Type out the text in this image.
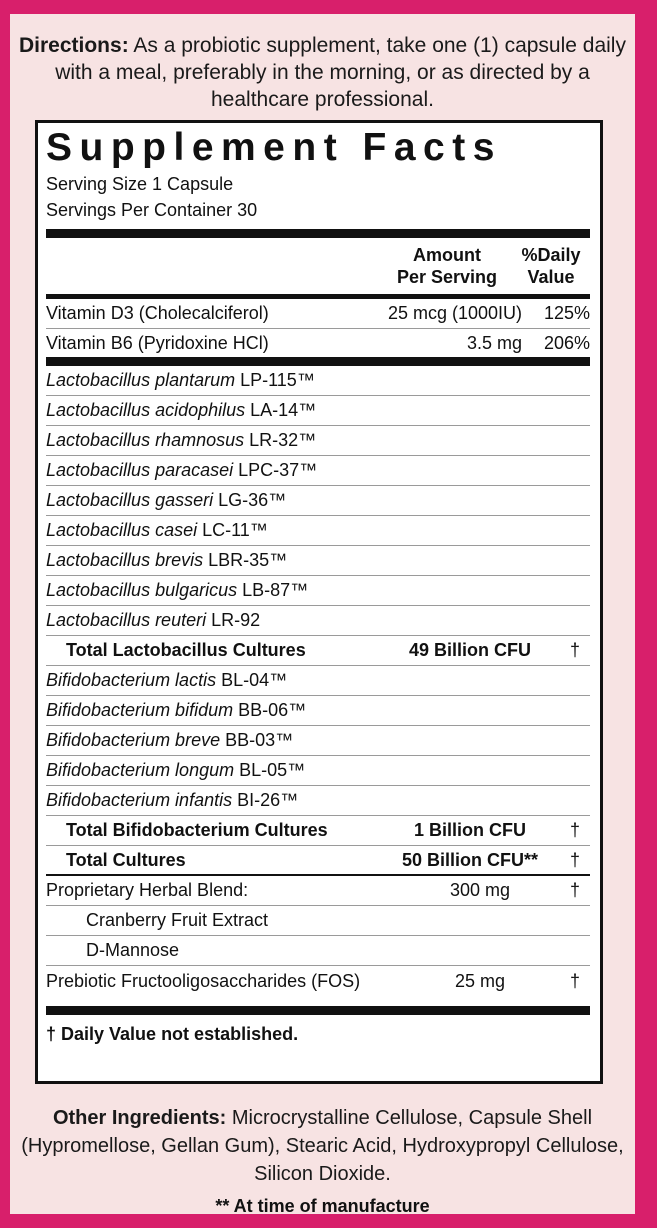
Directions: As a probiotic supplement, take one (1) capsule daily with a meal, preferably in the morning, or as directed by a healthcare professional.
Supplement Facts
Serving Size 1 Capsule
Servings Per Container 30
Amount
Per Serving
%Daily
Value
Vitamin D3 (Cholecalciferol)	25 mcg (1000IU)	125%
Vitamin B6 (Pyridoxine HCl)	3.5 mg	206%
Lactobacillus plantarum LP-115™
Lactobacillus acidophilus LA-14™
Lactobacillus rhamnosus LR-32™
Lactobacillus paracasei LPC-37™
Lactobacillus gasseri LG-36™
Lactobacillus casei LC-11™
Lactobacillus brevis LBR-35™
Lactobacillus bulgaricus LB-87™
Lactobacillus reuteri LR-92
Total Lactobacillus Cultures	49 Billion CFU	†
Bifidobacterium lactis BL-04™
Bifidobacterium bifidum BB-06™
Bifidobacterium breve BB-03™
Bifidobacterium longum BL-05™
Bifidobacterium infantis BI-26™
Total Bifidobacterium Cultures	1 Billion CFU	†
Total Cultures	50 Billion CFU**	†
Proprietary Herbal Blend:	300 mg	†
Cranberry Fruit Extract
D-Mannose
Prebiotic Fructooligosaccharides (FOS)	25 mg	†
† Daily Value not established.
Other Ingredients: Microcrystalline Cellulose, Capsule Shell (Hypromellose, Gellan Gum), Stearic Acid, Hydroxypropyl Cellulose, Silicon Dioxide.
** At time of manufacture
